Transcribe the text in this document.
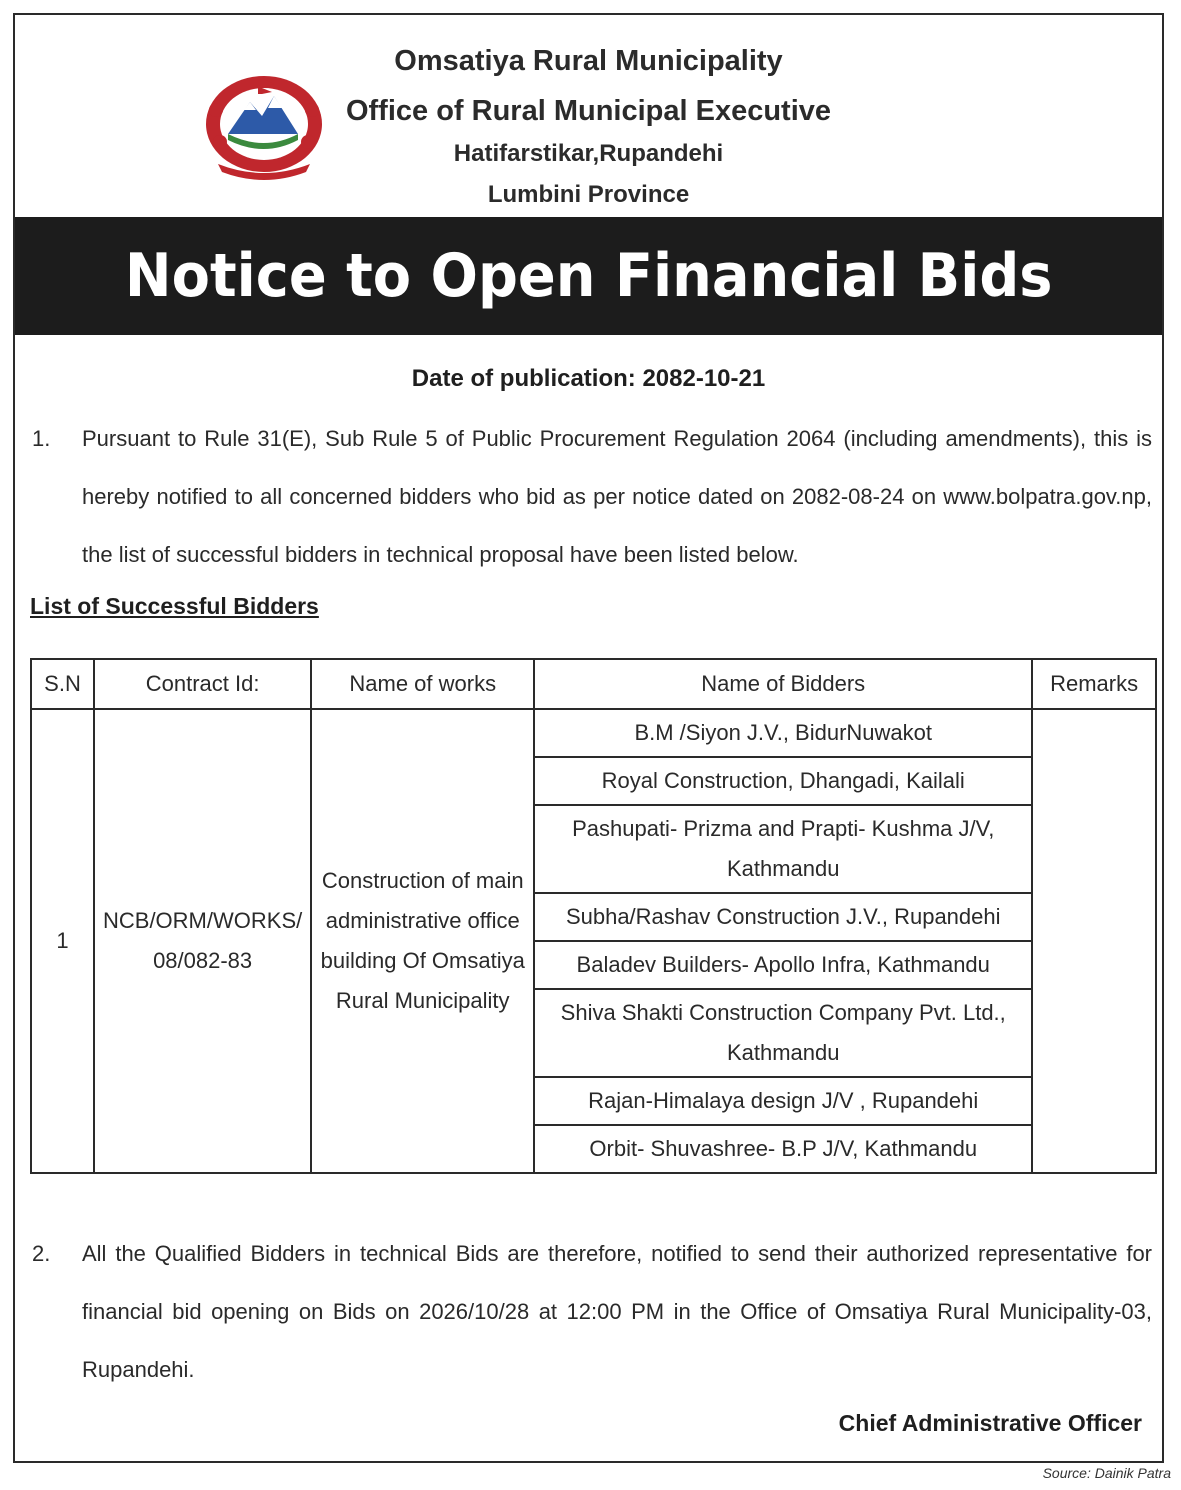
Omsatiya Rural Municipality
Office of Rural Municipal Executive
Hatifarstikar,Rupandehi
Lumbini Province
Notice to Open Financial Bids
Date of publication: 2082-10-21
1. Pursuant to Rule 31(E), Sub Rule 5 of Public Procurement Regulation 2064 (including amendments), this is hereby notified to all concerned bidders who bid as per notice dated on 2082-08-24 on www.bolpatra.gov.np, the list of successful bidders in technical proposal have been listed below.
List of Successful Bidders
S.N	Contract Id:	Name of works	Name of Bidders	Remarks
1	NCB/ORM/WORKS/ 08/082-83	Construction of main administrative office building Of Omsatiya Rural Municipality	B.M /Siyon J.V., BidurNuwakot	
			Royal Construction, Dhangadi, Kailali	
			Pashupati- Prizma and Prapti- Kushma J/V, Kathmandu	
			Subha/Rashav Construction J.V., Rupandehi	
			Baladev Builders- Apollo Infra, Kathmandu	
			Shiva Shakti Construction Company Pvt. Ltd., Kathmandu	
			Rajan-Himalaya design J/V , Rupandehi	
			Orbit- Shuvashree- B.P J/V, Kathmandu	
2. All the Qualified Bidders in technical Bids are therefore, notified to send their authorized representative for financial bid opening on Bids on 2026/10/28 at 12:00 PM in the Office of Omsatiya Rural Municipality-03, Rupandehi.
Chief Administrative Officer
Source: Dainik Patra
